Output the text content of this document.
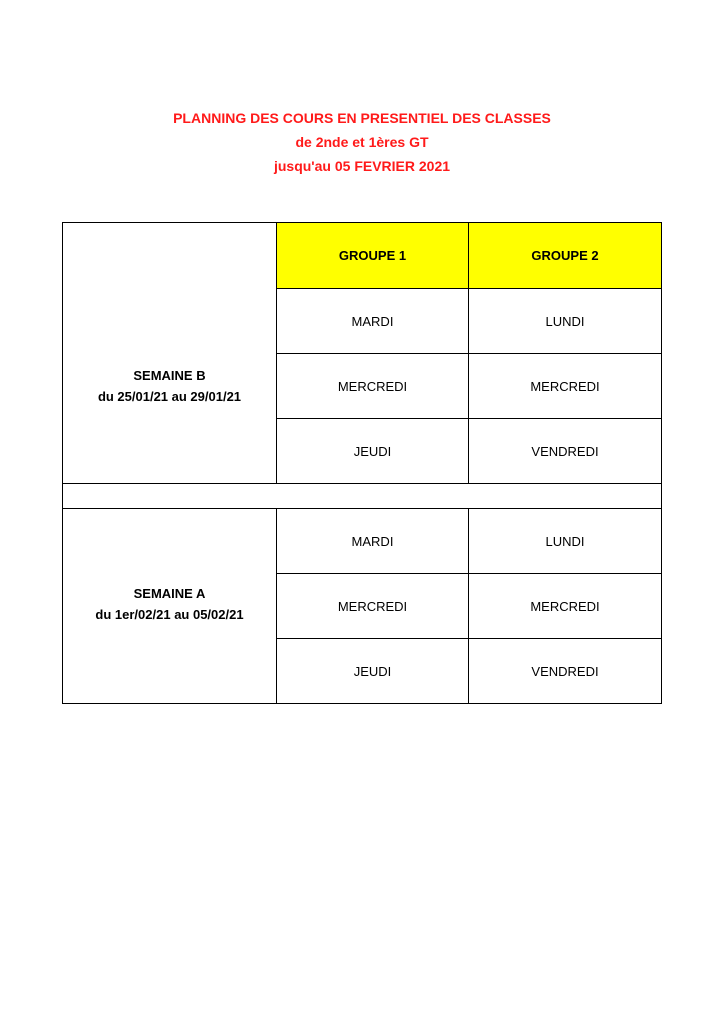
PLANNING DES COURS EN PRESENTIEL DES CLASSES
de 2nde et 1ères GT
jusqu'au 05 FEVRIER 2021
	GROUPE 1	GROUPE 2

SEMAINE B
du 25/01/21 au 29/01/21	MARDI	LUNDI
	MERCREDI	MERCREDI
	JEUDI	VENDREDI

SEMAINE A
du 1er/02/21 au 05/02/21	MARDI	LUNDI
	MERCREDI	MERCREDI
	JEUDI	VENDREDI
